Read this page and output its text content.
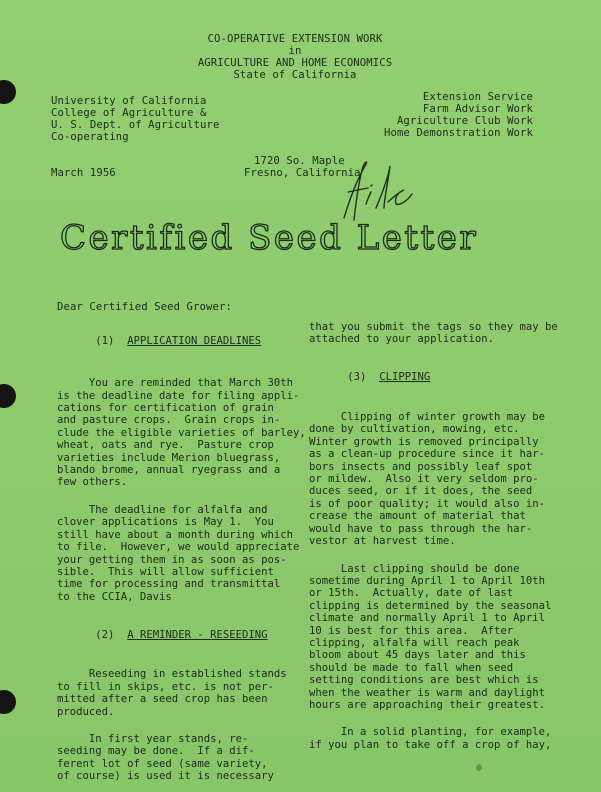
CO-OPERATIVE EXTENSION WORK
in
AGRICULTURE AND HOME ECONOMICS
State of California
University of California
College of Agriculture &
U. S. Dept. of Agriculture
Co-operating
Extension Service
Farm Advisor Work
Agriculture Club Work
Home Demonstration Work
March 1956
1720 So. Maple
Fresno, California
Certified Seed Letter
Dear Certified Seed Grower:

(1) APPLICATION DEADLINES

You are reminded that March 30th
is the deadline date for filing appli-
cations for certification of grain
and pasture crops.  Grain crops in-
clude the eligible varieties of barley,
wheat, oats and rye.  Pasture crop
varieties include Merion bluegrass,
blando brome, annual ryegrass and a
few others.
The deadline for alfalfa and
clover applications is May 1.  You
still have about a month during which
to file.  However, we would appreciate
your getting them in as soon as pos-
sible.  This will allow sufficient
time for processing and transmittal
to the CCIA, Davis

(2) A REMINDER - RESEEDING

Reseeding in established stands
to fill in skips, etc. is not per-
mitted after a seed crop has been
produced.
In first year stands, re-
seeding may be done.  If a dif-
ferent lot of seed (same variety,
of course) is used it is necessary
that you submit the tags so they may be
attached to your application.

(3) CLIPPING

Clipping of winter growth may be
done by cultivation, mowing, etc.
Winter growth is removed principally
as a clean-up procedure since it har-
bors insects and possibly leaf spot
or mildew.  Also it very seldom pro-
duces seed, or if it does, the seed
is of poor quality; it would also in-
crease the amount of material that
would have to pass through the har-
vestor at harvest time.
Last clipping should be done
sometime during April 1 to April 10th
or 15th.  Actually, date of last
clipping is determined by the seasonal
climate and normally April 1 to April
10 is best for this area.  After
clipping, alfalfa will reach peak
bloom about 45 days later and this
should be made to fall when seed
setting conditions are best which is
when the weather is warm and daylight
hours are approaching their greatest.
In a solid planting, for example,
if you plan to take off a crop of hay,
